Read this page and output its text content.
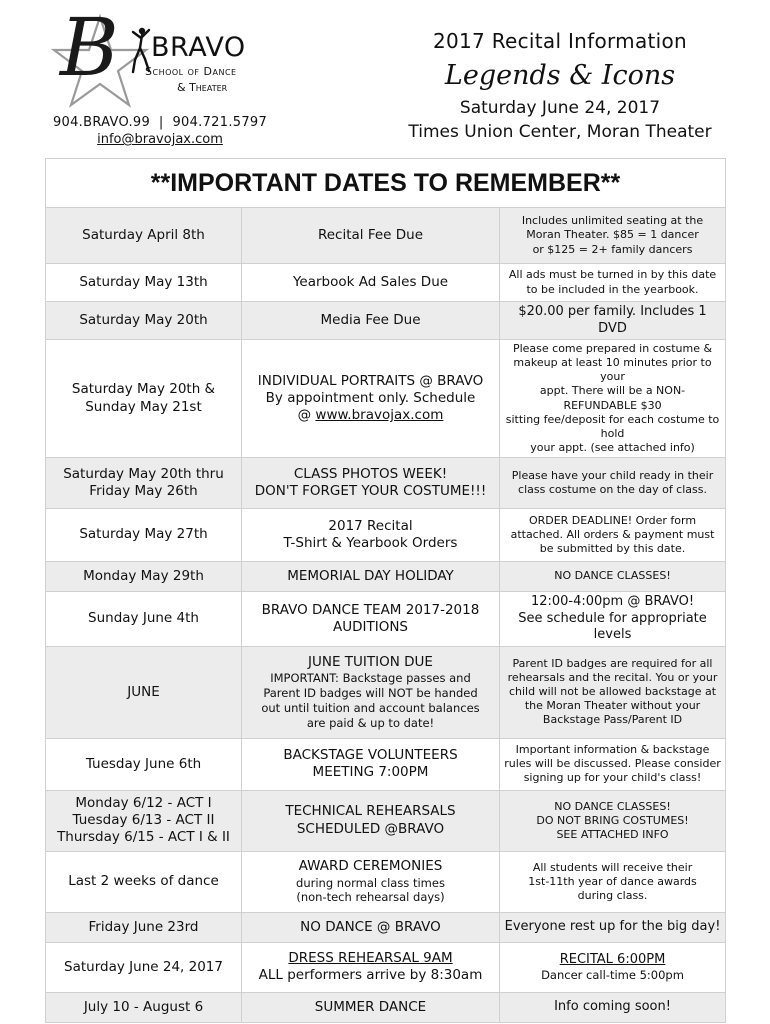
B BRAVO
School of Dance
& Theater
904.BRAVO.99 | 904.721.5797
info@bravojax.com
2017 Recital Information
Legends & Icons
Saturday June 24, 2017
Times Union Center, Moran Theater
**IMPORTANT DATES TO REMEMBER**		

Saturday April 8th	Recital Fee Due	Includes unlimited seating at the
Moran Theater. $85 = 1 dancer
or $125 = 2+ family dancers

Saturday May 13th	Yearbook Ad Sales Due	All ads must be turned in by this date
to be included in the yearbook.

Saturday May 20th	Media Fee Due	$20.00 per family. Includes 1 DVD

Saturday May 20th &
Sunday May 21st	INDIVIDUAL PORTRAITS @ BRAVO
By appointment only. Schedule
@ www.bravojax.com	Please come prepared in costume &
makeup at least 10 minutes prior to your
appt. There will be a NON-REFUNDABLE $30
sitting fee/deposit for each costume to hold
your appt. (see attached info)

Saturday May 20th thru
Friday May 26th	CLASS PHOTOS WEEK!
DON'T FORGET YOUR COSTUME!!!	Please have your child ready in their
class costume on the day of class.

Saturday May 27th	2017 Recital
T-Shirt & Yearbook Orders	ORDER DEADLINE! Order form
attached. All orders & payment must
be submitted by this date.

Monday May 29th	MEMORIAL DAY HOLIDAY	NO DANCE CLASSES!

Sunday June 4th	BRAVO DANCE TEAM 2017-2018
AUDITIONS	12:00-4:00pm @ BRAVO!
See schedule for appropriate levels

JUNE	JUNE TUITION DUE
IMPORTANT: Backstage passes and
Parent ID badges will NOT be handed
out until tuition and account balances
are paid & up to date!	Parent ID badges are required for all
rehearsals and the recital. You or your
child will not be allowed backstage at
the Moran Theater without your
Backstage Pass/Parent ID

Tuesday June 6th	BACKSTAGE VOLUNTEERS
MEETING 7:00PM	Important information & backstage
rules will be discussed. Please consider
signing up for your child's class!

Monday 6/12 - ACT I
Tuesday 6/13 - ACT II
Thursday 6/15 - ACT I & II	TECHNICAL REHEARSALS
SCHEDULED @BRAVO	NO DANCE CLASSES!
DO NOT BRING COSTUMES!
SEE ATTACHED INFO

Last 2 weeks of dance	AWARD CEREMONIES
during normal class times
(non-tech rehearsal days)	All students will receive their
1st-11th year of dance awards
during class.

Friday June 23rd	NO DANCE @ BRAVO	Everyone rest up for the big day!

Saturday June 24, 2017	DRESS REHEARSAL 9AM
ALL performers arrive by 8:30am	RECITAL 6:00PM
Dancer call-time 5:00pm

July 10 - August 6	SUMMER DANCE	Info coming soon!
